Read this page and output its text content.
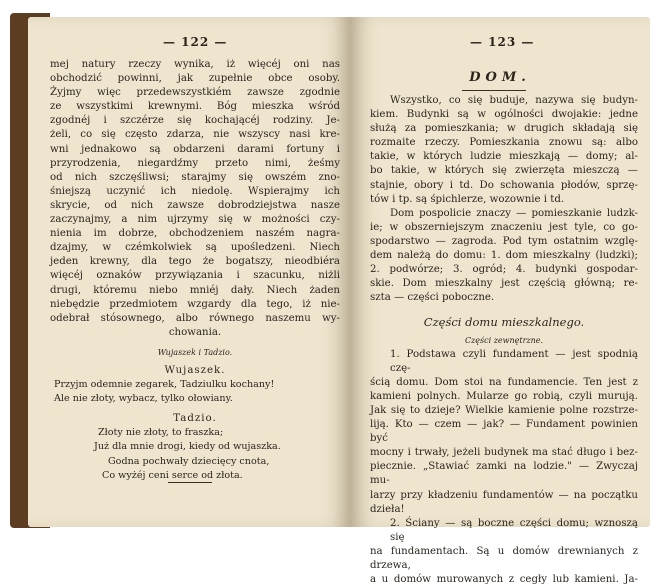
— 122 —
mej natury rzeczy wynika, iż więcéj oni nas
obchodzić powinni, jak zupełnie obce osoby.
Żyjmy więc przedewszystkiém zawsze zgodnie
ze wszystkimi krewnymi. Bóg mieszka wśród
zgodnéj i szczérze się kochającéj rodziny. Je-
żeli, co się często zdarza, nie wszyscy nasi kre-
wni jednakowo są obdarzeni darami fortuny i
przyrodzenia, niegardźmy przeto nimi, żeśmy
od nich szczęśliwsi; starajmy się owszém zno-
śniejszą uczynić ich niedolę. Wspierajmy ich
skrycie, od nich zawsze dobrodziejstwa nasze
zaczynajmy, a nim ujrzymy się w możności czy-
nienia im dobrze, obchodzeniem naszém nagra-
dzajmy, w czémkolwiek są upośledzeni. Niech
jeden krewny, dla tego że bogatszy, nieodbiéra
więcéj oznaków przywiązania i szacunku, niżli
drugi, któremu niebo mniéj dały. Niech żaden
niebędzie przedmiotem wzgardy dla tego, iż nie-
odebrał stósownego, albo równego naszemu wy-
chowania.
Wujaszek i Tadzio.
Wujaszek.
Przyjm odemnie zegarek, Tadziulku kochany!
Ale nie złoty, wybacz, tylko ołowiany.
Tadzio.
Złoty nie złoty, to fraszka;
Już dla mnie drogi, kiedy od wujaszka.
Godna pochwały dziecięcy cnota,
Co wyżéj ceni serce od złota.
— 123 —
DOM.
Wszystko, co się buduje, nazywa się budyn-
kiem. Budynki są w ogólności dwojakie: jedne
służą za pomieszkania; w drugich składają się
rozmaite rzeczy. Pomieszkania znowu są: albo
takie, w których ludzie mieszkają — domy; al-
bo takie, w których się zwierzęta mieszczą —
stajnie, obory i td. Do schowania płodów, sprzę-
tów i tp. są śpichlerze, wozownie i td.
Dom pospolicie znaczy — pomieszkanie ludzk-
ie; w obszerniejszym znaczeniu jest tyle, co go-
spodarstwo — zagroda. Pod tym ostatnim wzglę-
dem należą do domu: 1. dom mieszkalny (ludzki);
2. podwórze; 3. ogród; 4. budynki gospodar-
skie. Dom mieszkalny jest częścią główną; re-
szta — części poboczne.
Części domu mieszkalnego.
Części zewnętrzne.
1. Podstawa czyli fundament — jest spodnią czę-
ścią domu. Dom stoi na fundamencie. Ten jest z
kamieni polnych. Mularze go robią, czyli murują.
Jak się to dzieje? Wielkie kamienie polne rozstrze-
liją. Kto — czem — jak? — Fundament powinien być
mocny i trwały, jeżeli budynek ma stać długo i bez-
piecznie. „Stawiać zamki na lodzie." — Zwyczaj mu-
larzy przy kładzeniu fundamentów — na początku
dzieła!
2. Ściany — są boczne części domu; wznoszą się
na fundamentach. Są u domów drewnianych z drzewa,
a u domów murowanych z cegły lub kamieni. Ja-
